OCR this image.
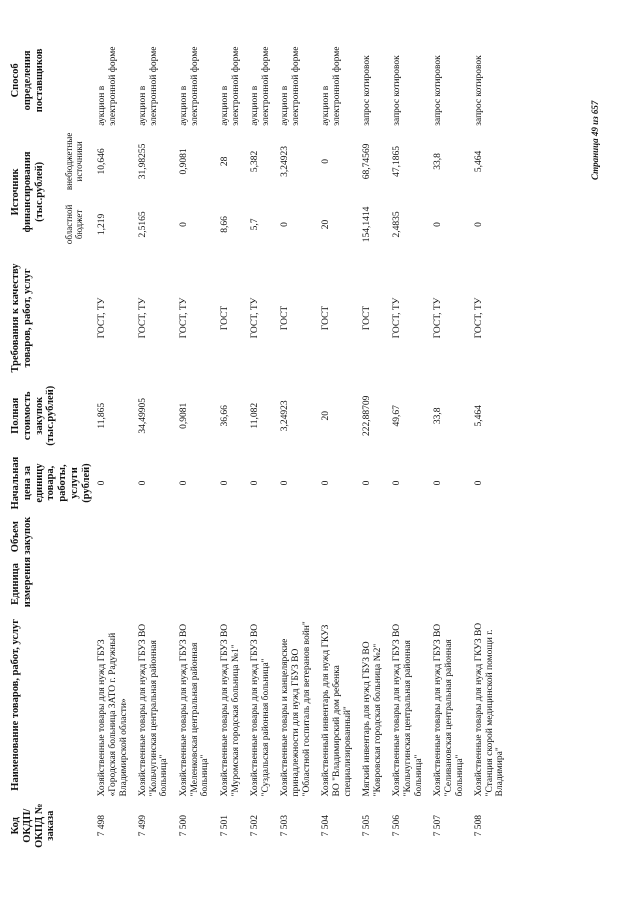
Код ОКДП/ ОКПД № заказа	Наименование товаров, работ, услуг	Единица измерения	Объем закупок	Начальная цена за единицу товара, работы, услуги (рублей)	Полная стоимость закупок (тыс.рублей)	Требования к качеству товаров, работ, услуг	Источник финансирования (тыс.рублей)		Способ определения поставщиков
							областной бюджет	внебюджетные источники	
7 498	Хозяйственные товары для нужд ГБУЗ «Городская больница ЗАТО г. Радужный Владимирской области»			0	11,865	ГОСТ, ТУ	1,219	10,646	аукцион в электронной форме
7 499	Хозяйственные товары для нужд ГБУЗ ВО "Кольчугинская центральная районная больница"			0	34,49905	ГОСТ, ТУ	2,5165	31,98255	аукцион в электронной форме
7 500	Хозяйственные товары для нужд ГБУЗ ВО "Меленковская центральная районная больница"			0	0,9081	ГОСТ, ТУ	0	0,9081	аукцион в электронной форме
7 501	Хозяйственные товары для нужд ГБУЗ ВО "Муромская городская больница №1"			0	36,66	ГОСТ	8,66	28	аукцион в электронной форме
7 502	Хозяйственные товары для нужд ГБУЗ ВО "Суздальская районная больница"			0	11,082	ГОСТ, ТУ	5,7	5,382	аукцион в электронной форме
7 503	Хозяйственные товары и канцелярские принадлежности для нужд ГБУЗ ВО "Областной госпиталь для ветеранов войн"			0	3,24923	ГОСТ	0	3,24923	аукцион в электронной форме
7 504	Хозяйственный инвентарь для нужд ГКУЗ ВО "Владимирский дом ребенка специализированный"			0	20	ГОСТ	20	0	аукцион в электронной форме
7 505	Мягкий инвентарь для нужд ГБУЗ ВО "Ковровская городская больница №2"			0	222,88709	ГОСТ	154,1414	68,74569	запрос котировок
7 506	Хозяйственные товары для нужд ГБУЗ ВО "Кольчугинская центральная районная больница"			0	49,67	ГОСТ, ТУ	2,4835	47,1865	запрос котировок
7 507	Хозяйственные товары для нужд ГБУЗ ВО "Селивановская центральная районная больница"			0	33,8	ГОСТ, ТУ	0	33,8	запрос котировок
7 508	Хозяйственные товары для нужд ГКУЗ ВО "Станция скорой медицинской помощи г. Владимира"			0	5,464	ГОСТ, ТУ	0	5,464	запрос котировок
Страница 49 из 657
